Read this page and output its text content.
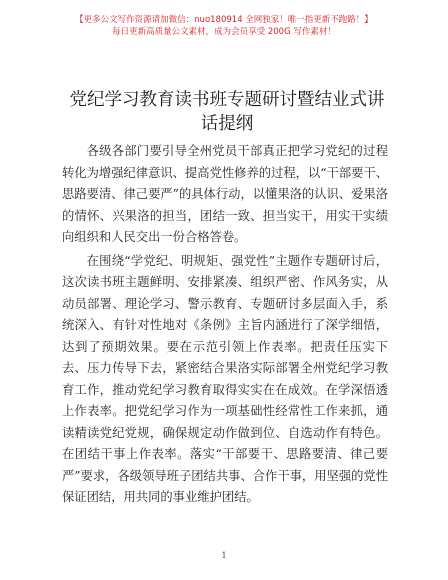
【更多公文写作资源请加微信：nuo180914 全网独家！唯一指更新不跑路！】
每日更新高质量公文素材，成为会员享受 200G 写作素材！
党纪学习教育读书班专题研讨暨结业式讲话提纲

各级各部门要引导全州党员干部真正把学习党纪的过程转化为增强纪律意识、提高党性修养的过程，以“干部要干、思路要清、律己要严”的具体行动，以懂果洛的认识、爱果洛的情怀、兴果洛的担当，团结一致、担当实干，用实干实绩向组织和人民交出一份合格答卷。

在围绕“学党纪、明规矩、强党性”主题作专题研讨后，这次读书班主题鲜明、安排紧凑、组织严密、作风务实，从动员部署、理论学习、警示教育、专题研讨多层面入手，系统深入、有针对性地对《条例》主旨内涵进行了深学细悟，达到了预期效果。要在示范引领上作表率。把责任压实下去、压力传导下去，紧密结合果洛实际部署全州党纪学习教育工作，推动党纪学习教育取得实实在在成效。在学深悟透上作表率。把党纪学习作为一项基础性经常性工作来抓，通读精读党纪党规，确保规定动作做到位、自选动作有特色。在团结干事上作表率。落实“干部要干、思路要清、律己要严”要求，各级领导班子团结共事、合作干事，用坚强的党性保证团结，用共同的事业维护团结。

1
